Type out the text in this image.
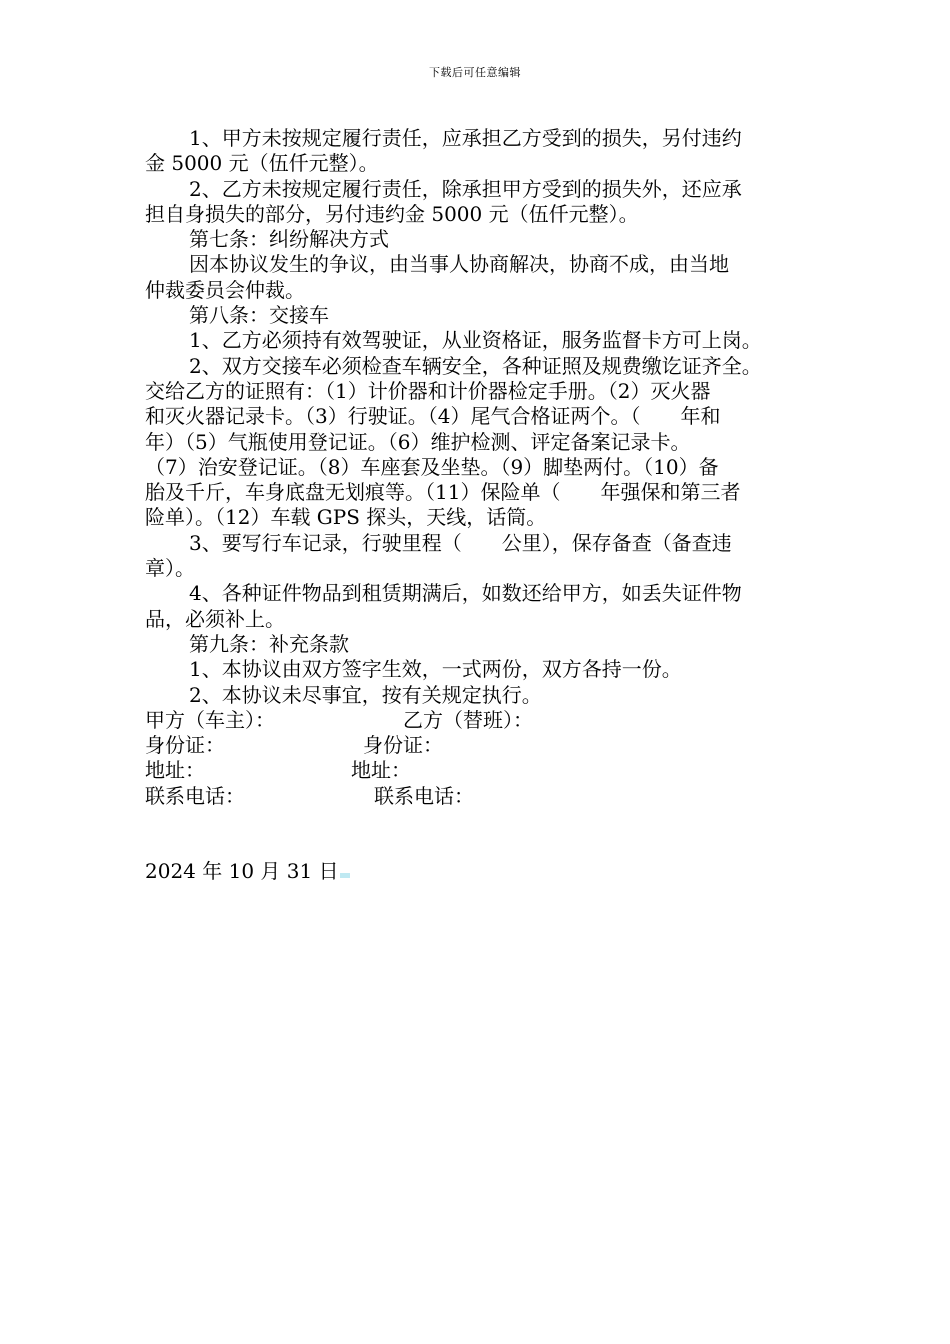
下载后可任意编辑

1、甲方未按规定履行责任，应承担乙方受到的损失，另付违约

金 5000 元（伍仟元整）。

2、乙方未按规定履行责任，除承担甲方受到的损失外，还应承

担自身损失的部分，另付违约金 5000 元（伍仟元整）。

第七条：纠纷解决方式

因本协议发生的争议，由当事人协商解决，协商不成，由当地

仲裁委员会仲裁。

第八条：交接车

1、乙方必须持有效驾驶证，从业资格证，服务监督卡方可上岗。

2、双方交接车必须检查车辆安全，各种证照及规费缴讫证齐全。

交给乙方的证照有：（1）计价器和计价器检定手册。（2）灭火器

和灭火器记录卡。（3）行驶证。（4）尾气合格证两个。（　　年和

年）（5）气瓶使用登记证。（6）维护检测、评定备案记录卡。

（7）治安登记证。（8）车座套及坐垫。（9）脚垫两付。（10）备

胎及千斤，车身底盘无划痕等。（11）保险单（　　年强保和第三者

险单）。（12）车载 GPS 探头，天线，话筒。

3、要写行车记录，行驶里程（　　公里），保存备查（备查违

章）。

4、各种证件物品到租赁期满后，如数还给甲方，如丢失证件物

品，必须补上。

第九条：补充条款

1、本协议由双方签字生效，一式两份，双方各持一份。

2、本协议未尽事宜，按有关规定执行。

甲方（车主）：	乙方（替班）：
身份证：	身份证：
地址：	地址：
联系电话：	联系电话：
2024 年 10 月 31 日
